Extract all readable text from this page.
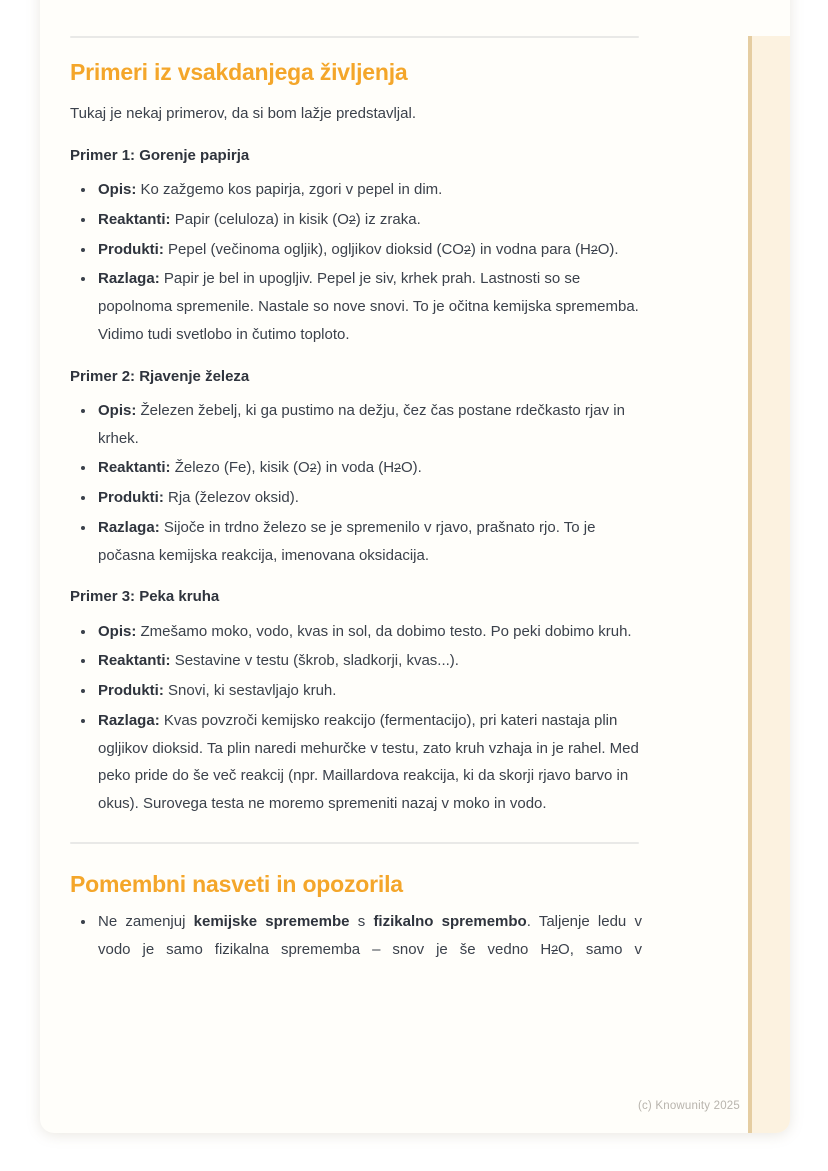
Primeri iz vsakdanjega življenja

Tukaj je nekaj primerov, da si bom lažje predstavljal.

Primer 1: Gorenje papirja
• Opis: Ko zažgemo kos papirja, zgori v pepel in dim.
• Reaktanti: Papir (celuloza) in kisik (O2) iz zraka.
• Produkti: Pepel (večinoma ogljik), ogljikov dioksid (CO2) in vodna para (H2O).
• Razlaga: Papir je bel in upogljiv. Pepel je siv, krhek prah. Lastnosti so se popolnoma spremenile. Nastale so nove snovi. To je očitna kemijska sprememba. Vidimo tudi svetlobo in čutimo toploto.
Primer 2: Rjavenje železa
• Opis: Železen žebelj, ki ga pustimo na dežju, čez čas postane rdečkasto rjav in krhek.
• Reaktanti: Železo (Fe), kisik (O2) in voda (H2O).
• Produkti: Rja (železov oksid).
• Razlaga: Sijoče in trdno železo se je spremenilo v rjavo, prašnato rjo. To je počasna kemijska reakcija, imenovana oksidacija.
Primer 3: Peka kruha
• Opis: Zmešamo moko, vodo, kvas in sol, da dobimo testo. Po peki dobimo kruh.
• Reaktanti: Sestavine v testu (škrob, sladkorji, kvas...).
• Produkti: Snovi, ki sestavljajo kruh.
• Razlaga: Kvas povzroči kemijsko reakcijo (fermentacijo), pri kateri nastaja plin ogljikov dioksid. Ta plin naredi mehurčke v testu, zato kruh vzhaja in je rahel. Med peko pride do še več reakcij (npr. Maillardova reakcija, ki da skorji rjavo barvo in okus). Surovega testa ne moremo spremeniti nazaj v moko in vodo.
Pomembni nasveti in opozorila
• Ne zamenjuj kemijske spremembe s fizikalno spremembo. Taljenje ledu v vodo je samo fizikalna sprememba – snov je še vedno H2O, samo v
(c) Knowunity 2025
